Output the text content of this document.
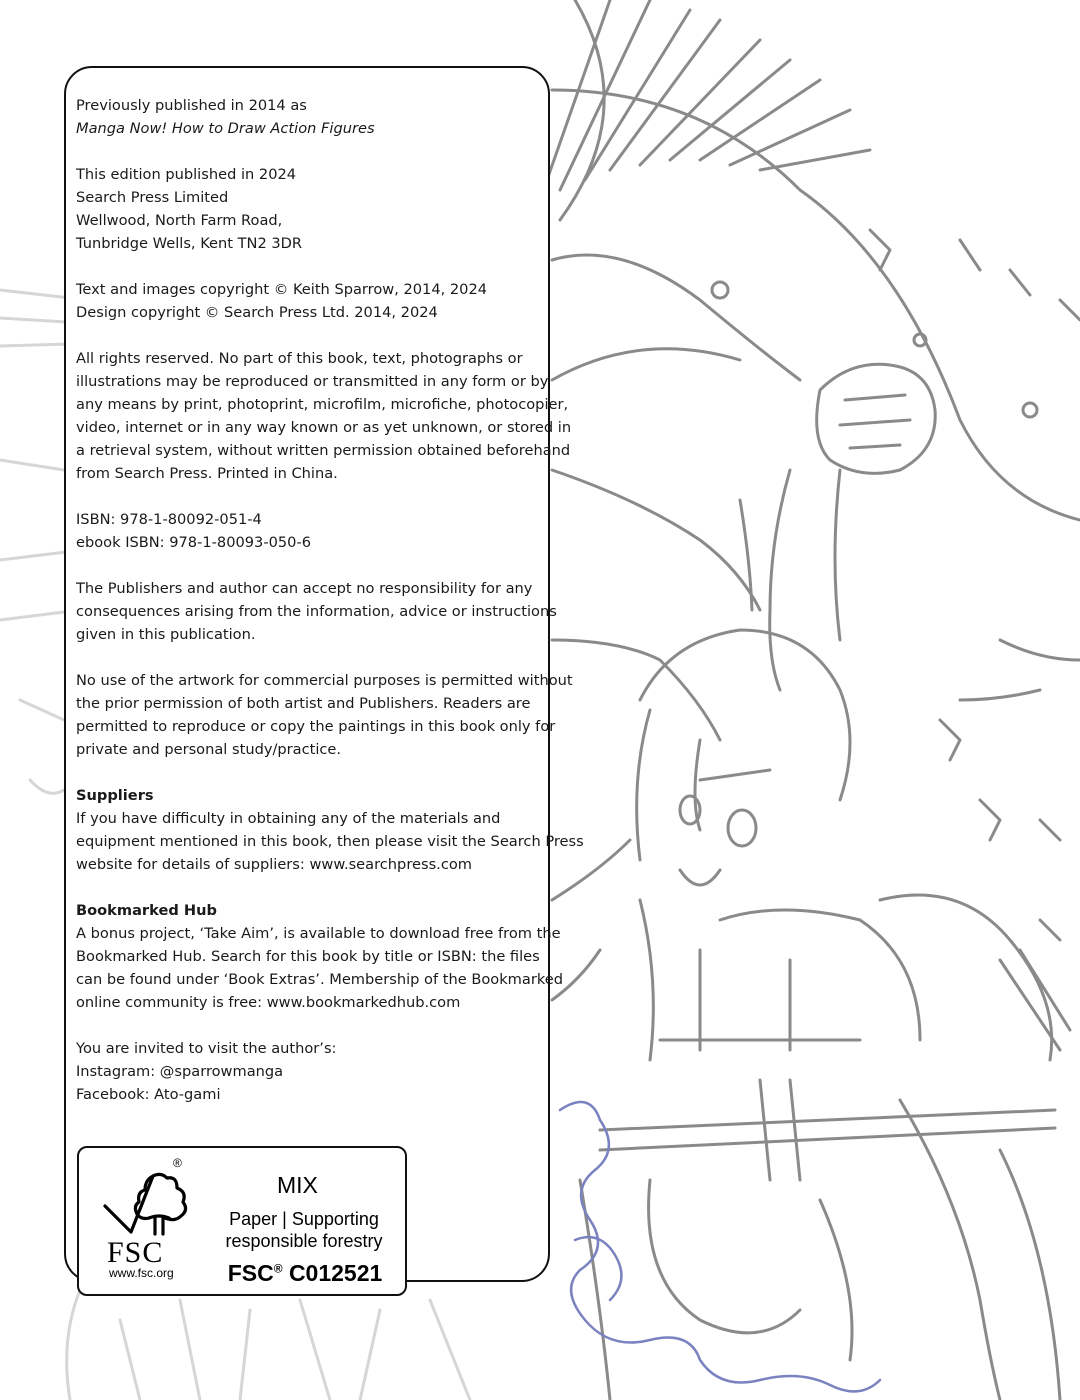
Previously published in 2014 as
Manga Now! How to Draw Action Figures

This edition published in 2024
Search Press Limited
Wellwood, North Farm Road,
Tunbridge Wells, Kent TN2 3DR

Text and images copyright © Keith Sparrow, 2014, 2024
Design copyright © Search Press Ltd. 2014, 2024

All rights reserved. No part of this book, text, photographs or
illustrations may be reproduced or transmitted in any form or by
any means by print, photoprint, microfilm, microfiche, photocopier,
video, internet or in any way known or as yet unknown, or stored in
a retrieval system, without written permission obtained beforehand
from Search Press. Printed in China.

ISBN: 978-1-80092-051-4
ebook ISBN: 978-1-80093-050-6

The Publishers and author can accept no responsibility for any
consequences arising from the information, advice or instructions
given in this publication.

No use of the artwork for commercial purposes is permitted without
the prior permission of both artist and Publishers. Readers are
permitted to reproduce or copy the paintings in this book only for
private and personal study/practice.

Suppliers
If you have difficulty in obtaining any of the materials and
equipment mentioned in this book, then please visit the Search Press
website for details of suppliers: www.searchpress.com

Bookmarked Hub
A bonus project, ‘Take Aim’, is available to download free from the
Bookmarked Hub. Search for this book by title or ISBN: the files
can be found under ‘Book Extras’. Membership of the Bookmarked
online community is free: www.bookmarkedhub.com

You are invited to visit the author’s:
Instagram: @sparrowmanga
Facebook: Ato-gami

®
FSC
www.fsc.org
MIX
Paper | Supporting
responsible forestry
FSC® C012521
